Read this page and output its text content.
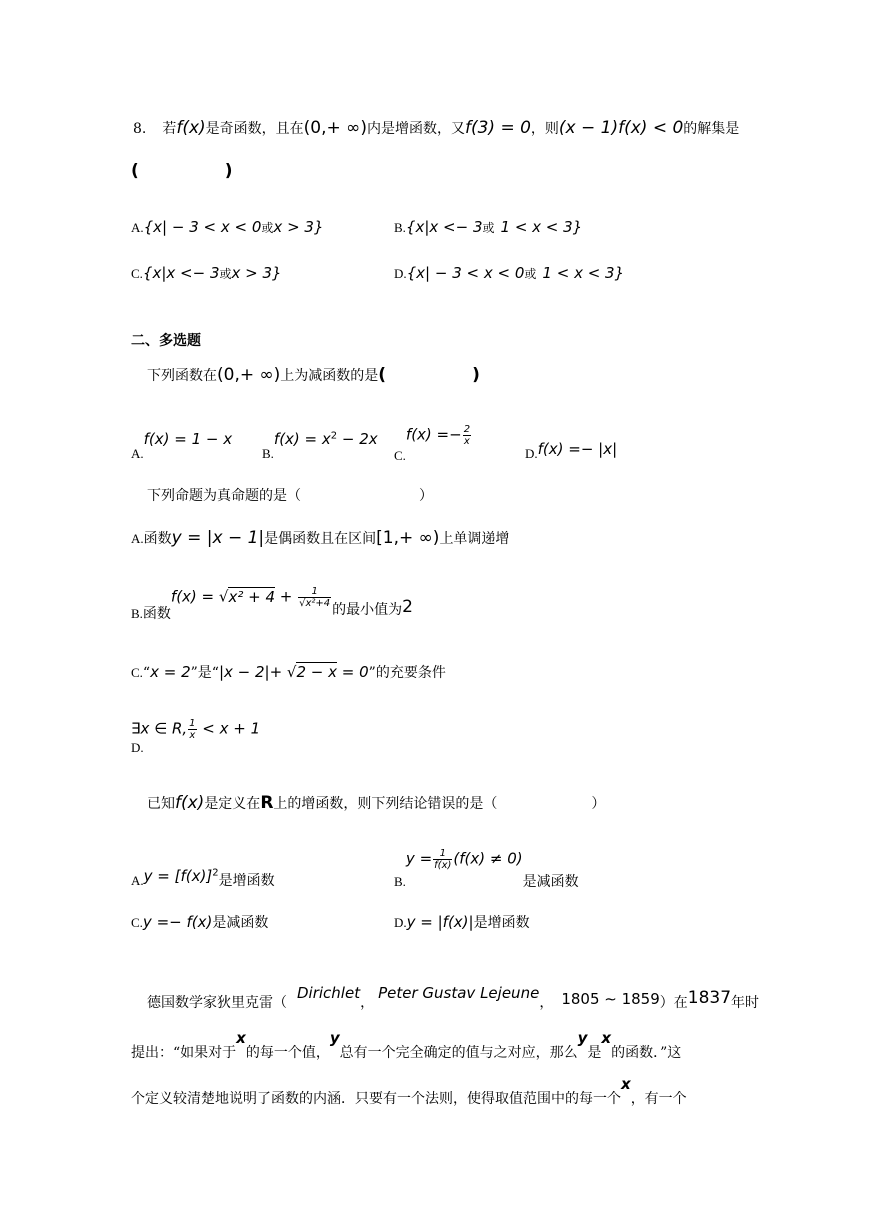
8. 若f(x)是奇函数，且在(0,+ ∞)内是增函数，又f(3) = 0，则(x − 1)f(x) < 0的解集是
(	)
A.{x| − 3 < x < 0或x > 3}	B.{x|x <− 3或 1 < x < 3}
C.{x|x <− 3或x > 3}	D.{x| − 3 < x < 0或 1 < x < 3}
二、多选题
下列函数在(0,+ ∞)上为减函数的是(	)
A.f(x) = 1 − x
$B.f(x) = x^2 - 2x$
$C.f(x) =- \frac{2}{x}$
D.f(x) =− |x|
下列命题为真命题的是（	）
A.函数y = |x − 1|是偶函数且在区间[1,+ ∞)上单调递增
B.函数$f(x) = √x^2 + 4 + \frac{1}{\text{√x²+4}}$
的最小值为2
C.“x = 2”是“|x − 2|+ √2 − x = 0”的充要条件
∃x ∈ R, $\frac{1}{x} < x + 1$
D.
已知f(x)是定义在R上的增函数，则下列结论错误的是（	）
$A.y = [f(x)]^2$是增函数	$B.y = \frac{1}{f(x)} (f(x) \ne 0)$是减函数
C.y =− f(x)是减函数	D.y = |f(x)|是增函数
德国数学家狄里克雷（Dirichlet，Peter Gustav Lejeune， 1805 ∼ 1859）在1837年时
提出：“如果对于x的每一个值，y总有一个完全确定的值与之对应，那么y是x的函数．”这
个定义较清楚地说明了函数的内涵．只要有一个法则，使得取值范围中的每一个x，有一个
